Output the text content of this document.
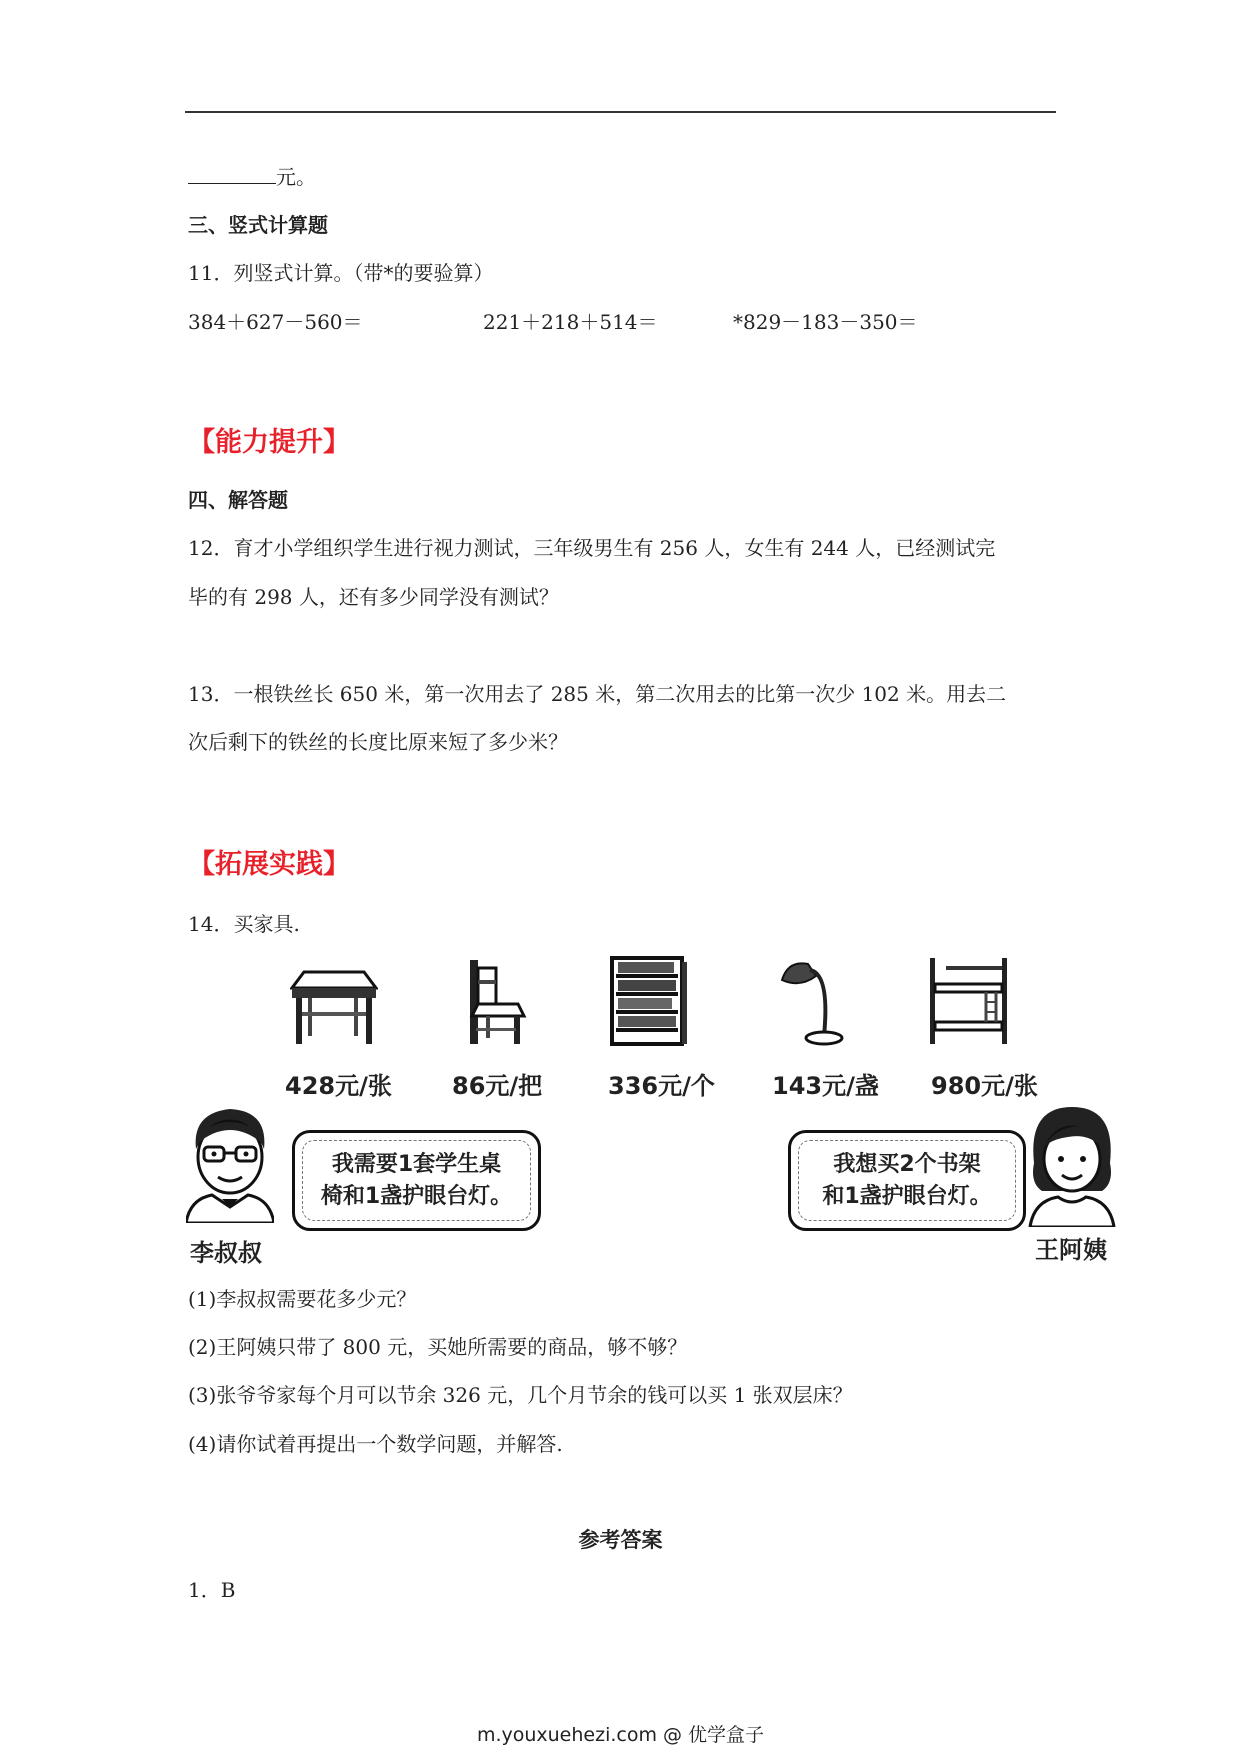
元。
三、竖式计算题
11．列竖式计算。（带*的要验算）
384＋627－560＝	221＋218＋514＝	*829－183－350＝
【能力提升】
四、解答题
12．育才小学组织学生进行视力测试，三年级男生有 256 人，女生有 244 人，已经测试完
毕的有 298 人，还有多少同学没有测试？
13．一根铁丝长 650 米，第一次用去了 285 米，第二次用去的比第一次少 102 米。用去二
次后剩下的铁丝的长度比原来短了多少米？
【拓展实践】
14．买家具.
428元/张	86元/把	336元/个 143元/盏 980元/张
李叔叔
我需要1套学生桌
椅和1盏护眼台灯。
我想买2个书架
和1盏护眼台灯。
王阿姨
(1)李叔叔需要花多少元？
(2)王阿姨只带了 800 元，买她所需要的商品，够不够？
(3)张爷爷家每个月可以节余 326 元，几个月节余的钱可以买 1 张双层床？
(4)请你试着再提出一个数学问题，并解答.
参考答案
1．B
m.youxuehezi.com @ 优学盒子
